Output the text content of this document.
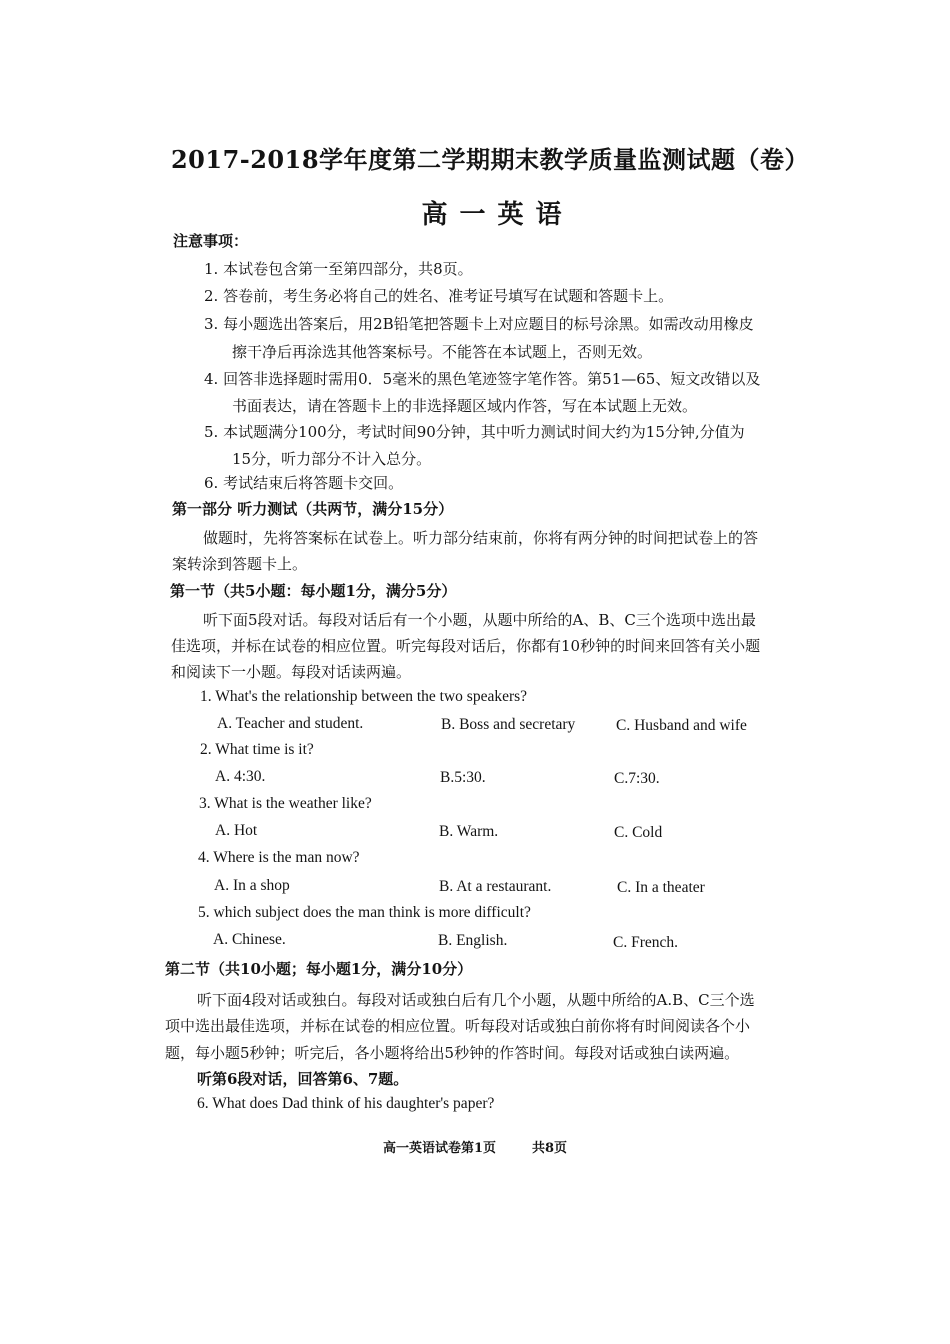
2017-2018学年度第二学期期末教学质量监测试题（卷）
高一英语
注意事项：
1. 本试卷包含第一至第四部分，共8页。
2. 答卷前，考生务必将自己的姓名、准考证号填写在试题和答题卡上。
3. 每小题选出答案后，用2B铅笔把答题卡上对应题目的标号涂黑。如需改动用橡皮
擦干净后再涂选其他答案标号。不能答在本试题上，否则无效。
4. 回答非选择题时需用0．5毫米的黑色笔迹签字笔作答。第51—65、短文改错以及
书面表达，请在答题卡上的非选择题区域内作答，写在本试题上无效。
5. 本试题满分100分，考试时间90分钟，其中听力测试时间大约为15分钟,分值为
15分，听力部分不计入总分。
6. 考试结束后将答题卡交回。
第一部分 听力测试（共两节，满分15分）
做题时，先将答案标在试卷上。听力部分结束前，你将有两分钟的时间把试卷上的答
案转涂到答题卡上。
第一节（共5小题：每小题1分，满分5分）
听下面5段对话。每段对话后有一个小题，从题中所给的A、B、C三个选项中选出最
佳选项，并标在试卷的相应位置。听完每段对话后，你都有10秒钟的时间来回答有关小题
和阅读下一小题。每段对话读两遍。
1. What's the relationship between the two speakers?
A. Teacher and student.	B. Boss and secretary	C. Husband and wife
2. What time is it?
A. 4:30.	B.5:30.	C.7:30.
3. What is the weather like?
A. Hot	B. Warm.	C. Cold
4. Where is the man now?
A. In a shop	B. At a restaurant.	C. In a theater
5. which subject does the man think is more difficult?
A. Chinese.	B. English.	C. French.
第二节（共10小题；每小题1分，满分10分）
听下面4段对话或独白。每段对话或独白后有几个小题，从题中所给的A.B、C三个选
项中选出最佳选项，并标在试卷的相应位置。听每段对话或独白前你将有时间阅读各个小
题，每小题5秒钟；听完后，各小题将给出5秒钟的作答时间。每段对话或独白读两遍。
听第6段对话，回答第6、7题。
6. What does Dad think of his daughter's paper?
高一英语试卷第1页	共8页
